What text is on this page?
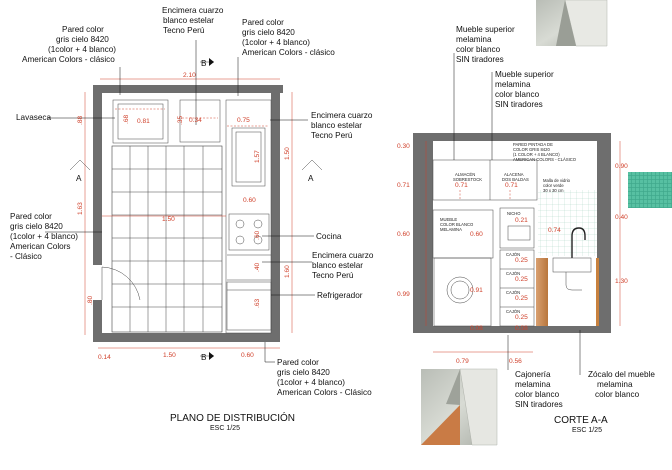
2.10
.88	.68 0.81	.35 0.34	0.75
1.50
1.57
0.60
1.63
1.50
1.60
.60
.40
.63
.80
0.14	1.50	0.60
B
B
A	A
Pared color
gris cielo 8420
(1color + 4 blanco)
American Colors - clásico
Encimera cuarzo
blanco estelar
Tecno Perú
Pared color
gris cielo 8420
(1color + 4 blanco)
American Colors - clásico
Lavaseca	Encimera cuarzo
blanco estelar
Tecno Perú
Pared color
gris cielo 8420
(1color + 4 blanco)
American Colors
- Clásico
Cocina
Encimera cuarzo
blanco estelar
Tecno Perú
Refrigerador
Pared color
gris cielo 8420
(1color + 4 blanco)
American Colors - Clásico
PLANO DE DISTRIBUCIÓN
ESC 1/25
Mueble superior
melamina
color blanco
SIN tiradores
Mueble superior
melamina
color blanco
SIN tiradores
PARED PINTADA DE
COLOR GRIS 8420
(1 COLOR + 4 BLANCO)
AMERICAN COLORS - CLÁSICO
ALMACÉN
SOBRESTOCK
ALACENA
DOS BALDAS	Malla de vidrio
color verde
30 x 30 cm
MUEBLE
COLOR BLANCO
MELAMINA
NICHO
CAJÓN
CAJÓN
CAJÓN
CAJÓN
Cajonería
melamina
color blanco
SIN tiradores
Zócalo del mueble
melamina
color blanco
0.30
0.71
0.60
0.99
0.71	0.71
0.60
0.91
0.21
0.25
0.25
0.25
0.25
0.74
0.08	0.08
0.90
0.40
1.30
0.79	0.56
CORTE A-A
ESC 1/25
